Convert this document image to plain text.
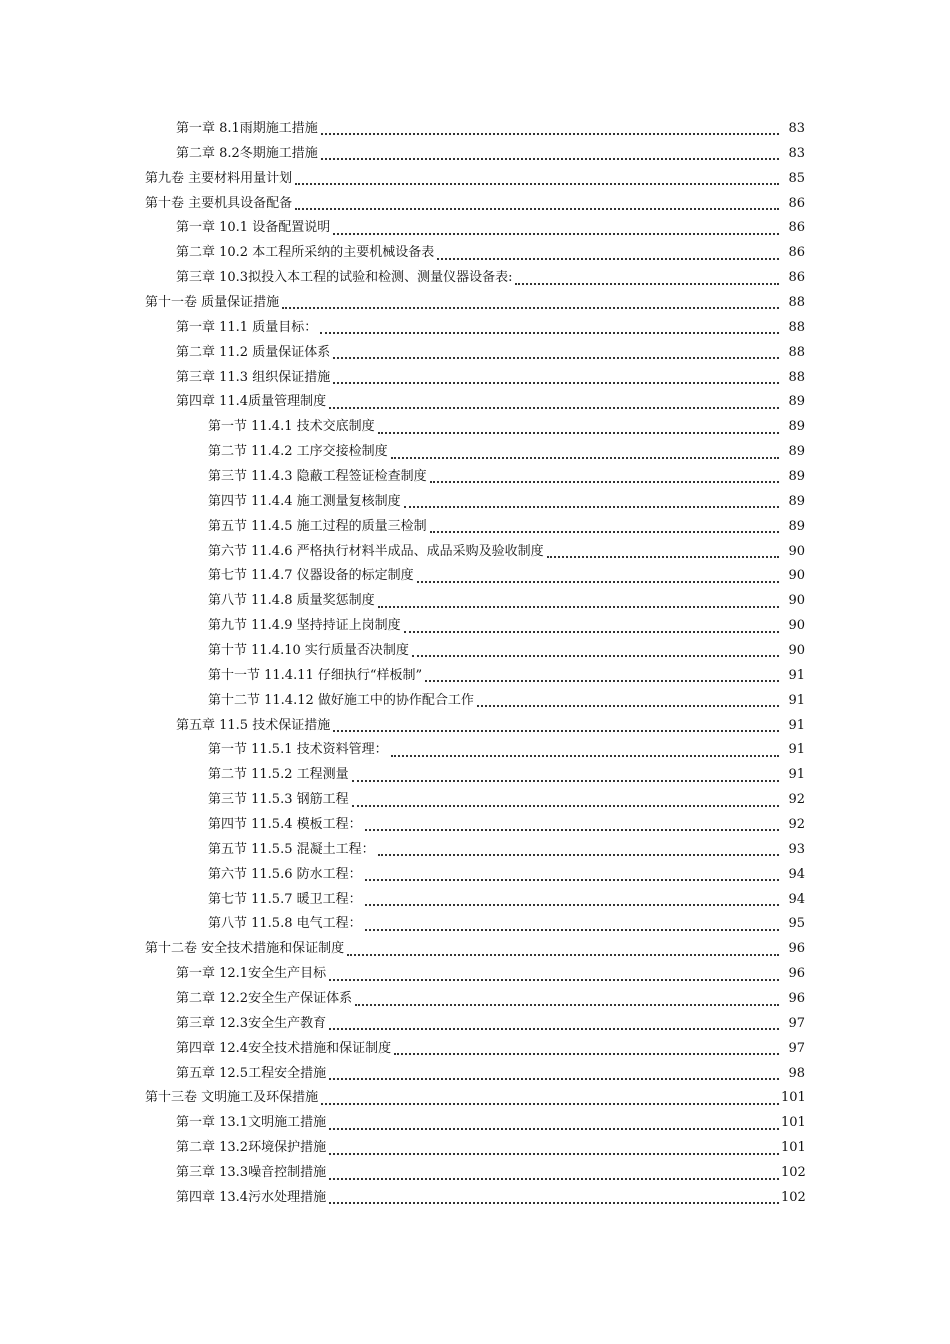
第一章 8.1雨期施工措施	83
第二章 8.2冬期施工措施	83
第九卷 主要材料用量计划	85
第十卷 主要机具设备配备	86
第一章 10.1 设备配置说明	86
第二章 10.2 本工程所采纳的主要机械设备表	86
第三章 10.3拟投入本工程的试验和检测、测量仪器设备表:	86
第十一卷 质量保证措施	88
第一章 11.1 质量目标：	88
第二章 11.2 质量保证体系	88
第三章 11.3 组织保证措施	88
第四章 11.4质量管理制度	89
第一节 11.4.1 技术交底制度	89
第二节 11.4.2 工序交接检制度	89
第三节 11.4.3 隐蔽工程签证检查制度	89
第四节 11.4.4 施工测量复核制度	89
第五节 11.4.5 施工过程的质量三检制	89
第六节 11.4.6 严格执行材料半成品、成品采购及验收制度	90
第七节 11.4.7 仪器设备的标定制度	90
第八节 11.4.8 质量奖惩制度	90
第九节 11.4.9 坚持持证上岗制度	90
第十节 11.4.10 实行质量否决制度	90
第十一节 11.4.11 仔细执行“样板制”	91
第十二节 11.4.12 做好施工中的协作配合工作	91
第五章 11.5 技术保证措施	91
第一节 11.5.1 技术资料管理：	91
第二节 11.5.2 工程测量	91
第三节 11.5.3 钢筋工程	92
第四节 11.5.4 模板工程：	92
第五节 11.5.5 混凝土工程：	93
第六节 11.5.6 防水工程：	94
第七节 11.5.7 暖卫工程：	94
第八节 11.5.8 电气工程：	95
第十二卷 安全技术措施和保证制度	96
第一章 12.1安全生产目标	96
第二章 12.2安全生产保证体系	96
第三章 12.3安全生产教育	97
第四章 12.4安全技术措施和保证制度	97
第五章 12.5工程安全措施	98
第十三卷 文明施工及环保措施	101
第一章 13.1文明施工措施	101
第二章 13.2环境保护措施	101
第三章 13.3噪音控制措施	102
第四章 13.4污水处理措施	102
